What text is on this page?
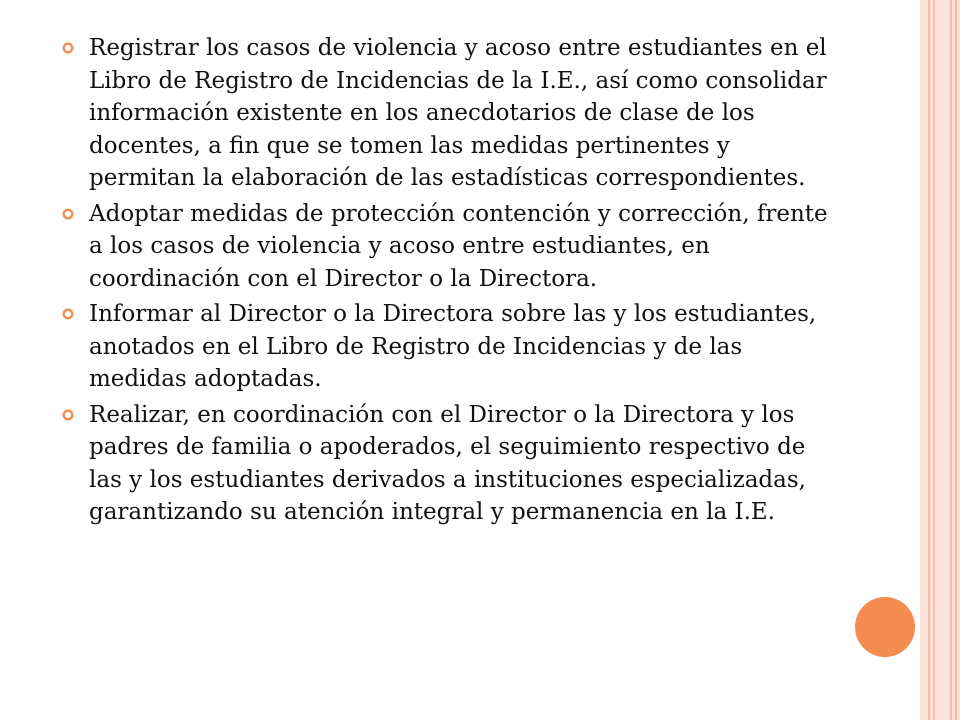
Registrar los casos de violencia y acoso entre estudiantes en el Libro de Registro de Incidencias de la I.E., así como consolidar información existente en los anecdotarios de clase de los docentes, a fin que se tomen las medidas pertinentes y permitan la elaboración de las estadísticas correspondientes.
Adoptar medidas de protección contención y corrección, frente a los casos de violencia y acoso entre estudiantes, en coordinación con el Director o la Directora.
Informar al Director o la Directora sobre las y los estudiantes, anotados en el Libro de Registro de Incidencias y de las medidas adoptadas.
Realizar, en coordinación con el Director o la Directora y los padres de familia o apoderados, el seguimiento respectivo de las y los estudiantes derivados a instituciones especializadas, garantizando su atención integral y permanencia en la I.E.
